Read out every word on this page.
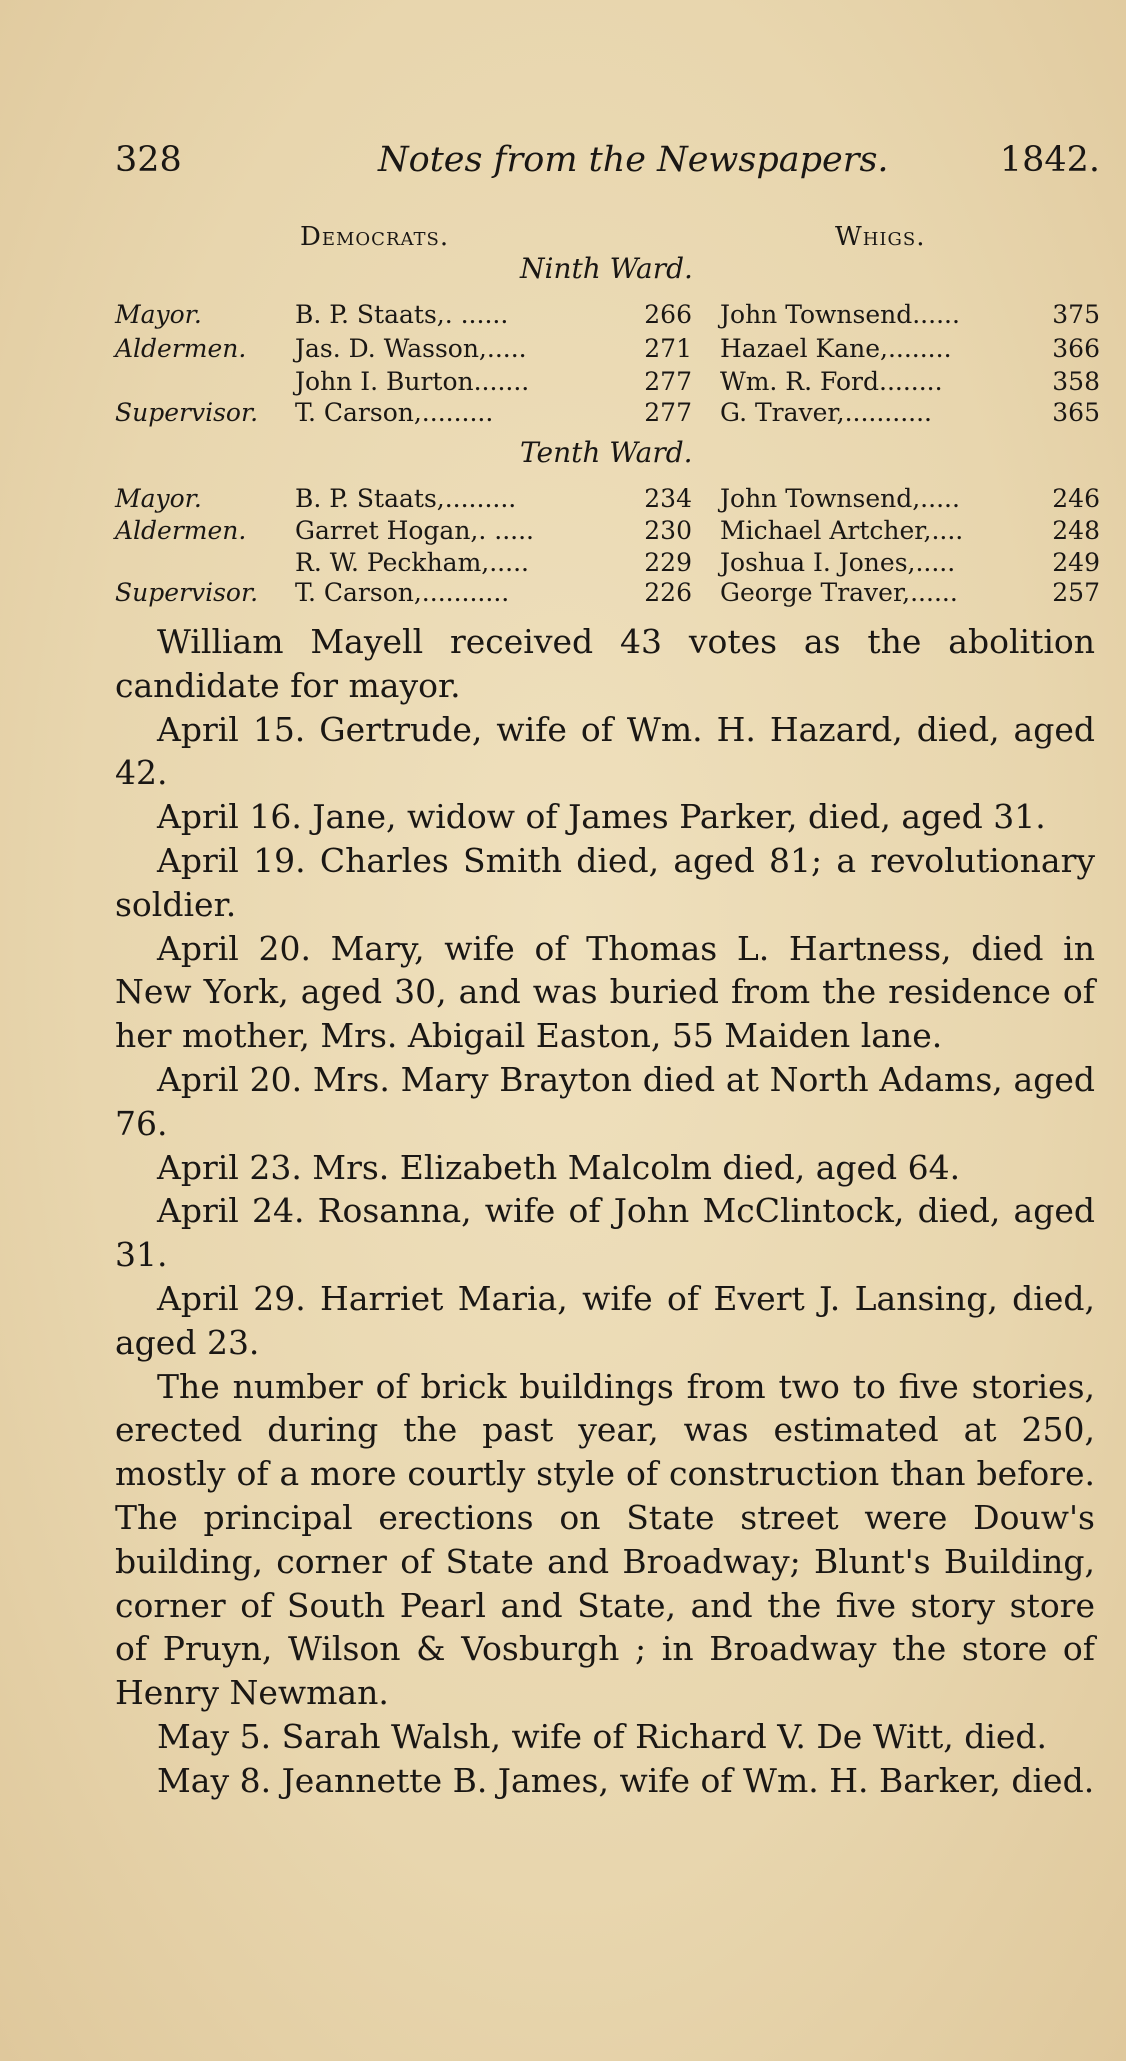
328	Notes from the Newspapers.	1842.
Democrats.	Whigs.
Ninth Ward.
Mayor.	B. P. Staats,. ......	266 John Townsend......	375
Aldermen. Jas. D. Wasson,.....	271 Hazael Kane,........	366
John I. Burton.......	277 Wm. R. Ford........	358
Supervisor. T. Carson,.........	277 G. Traver,...........	365
Tenth Ward.
Mayor.	B. P. Staats,.........	234 John Townsend,.....	246
Aldermen. Garret Hogan,. .....	230 Michael Artcher,....	248
R. W. Peckham,.....	229 Joshua I. Jones,.....	249
Supervisor. T. Carson,...........	226 George Traver,......	257

William Mayell received 43 votes as the abolition candidate for mayor.

April 15. Gertrude, wife of Wm. H. Hazard, died, aged 42.

April 16. Jane, widow of James Parker, died, aged 31.

April 19. Charles Smith died, aged 81; a revolutionary soldier.

April 20. Mary, wife of Thomas L. Hartness, died in New York, aged 30, and was buried from the residence of her mother, Mrs. Abigail Easton, 55 Maiden lane.

April 20. Mrs. Mary Brayton died at North Adams, aged 76.

April 23. Mrs. Elizabeth Malcolm died, aged 64.

April 24. Rosanna, wife of John McClintock, died, aged 31.

April 29. Harriet Maria, wife of Evert J. Lansing, died, aged 23.

The number of brick buildings from two to five stories, erected during the past year, was estimated at 250, mostly of a more courtly style of construction than before. The principal erections on State street were Douw's building, corner of State and Broadway; Blunt's Building, corner of South Pearl and State, and the five story store of Pruyn, Wilson & Vosburgh ; in Broadway the store of Henry Newman.

May 5. Sarah Walsh, wife of Richard V. De Witt, died.

May 8. Jeannette B. James, wife of Wm. H. Barker, died.
